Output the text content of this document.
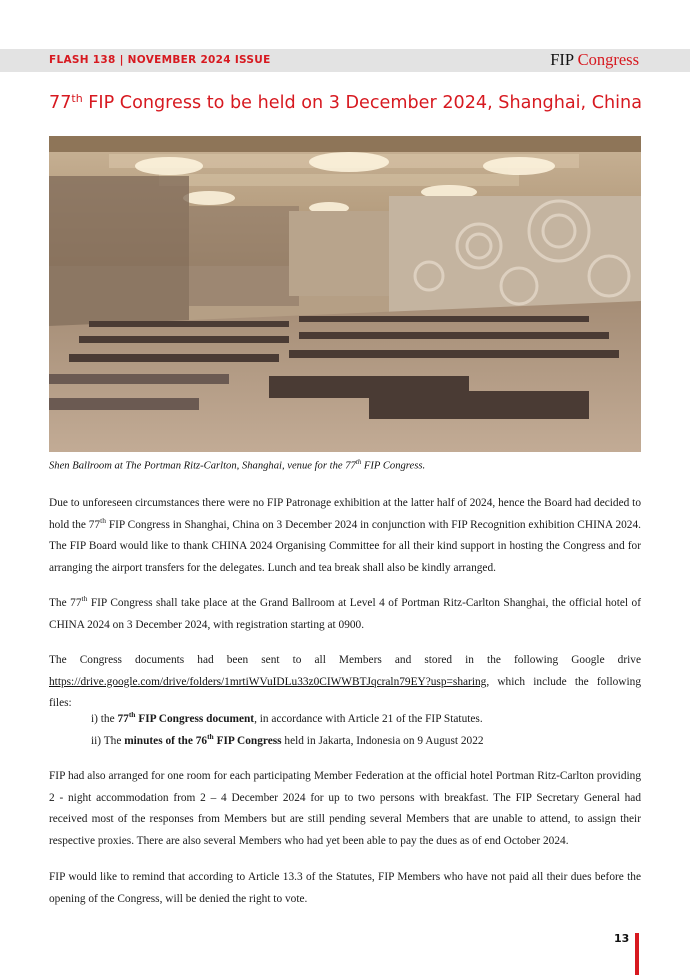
FLASH 138 | NOVEMBER 2024 ISSUE	FIP Congress
77th FIP Congress to be held on 3 December 2024, Shanghai, China
Shen Ballroom at The Portman Ritz-Carlton, Shanghai, venue for the 77th FIP Congress.

Due to unforeseen circumstances there were no FIP Patronage exhibition at the latter half of 2024, hence the Board had decided to hold the 77th FIP Congress in Shanghai, China on 3 December 2024 in conjunction with FIP Recognition exhibition CHINA 2024. The FIP Board would like to thank CHINA 2024 Organising Committee for all their kind support in hosting the Congress and for arranging the airport transfers for the delegates. Lunch and tea break shall also be kindly arranged.

The 77th FIP Congress shall take place at the Grand Ballroom at Level 4 of Portman Ritz-Carlton Shanghai, the official hotel of CHINA 2024 on 3 December 2024, with registration starting at 0900.

The Congress documents had been sent to all Members and stored in the following Google drive https://drive.google.com/drive/folders/1mrtiWVuIDLu33z0CIWWBTJqcraln79EY?usp=sharing, which include the following files:

i) the 77th FIP Congress document, in accordance with Article 21 of the FIP Statutes.
ii) The minutes of the 76th FIP Congress held in Jakarta, Indonesia on 9 August 2022

FIP had also arranged for one room for each participating Member Federation at the official hotel Portman Ritz-Carlton providing 2 - night accommodation from 2 – 4 December 2024 for up to two persons with breakfast. The FIP Secretary General had received most of the responses from Members but are still pending several Members that are unable to attend, to assign their respective proxies. There are also several Members who had yet been able to pay the dues as of end October 2024.

FIP would like to remind that according to Article 13.3 of the Statutes, FIP Members who have not paid all their dues before the opening of the Congress, will be denied the right to vote.

13
